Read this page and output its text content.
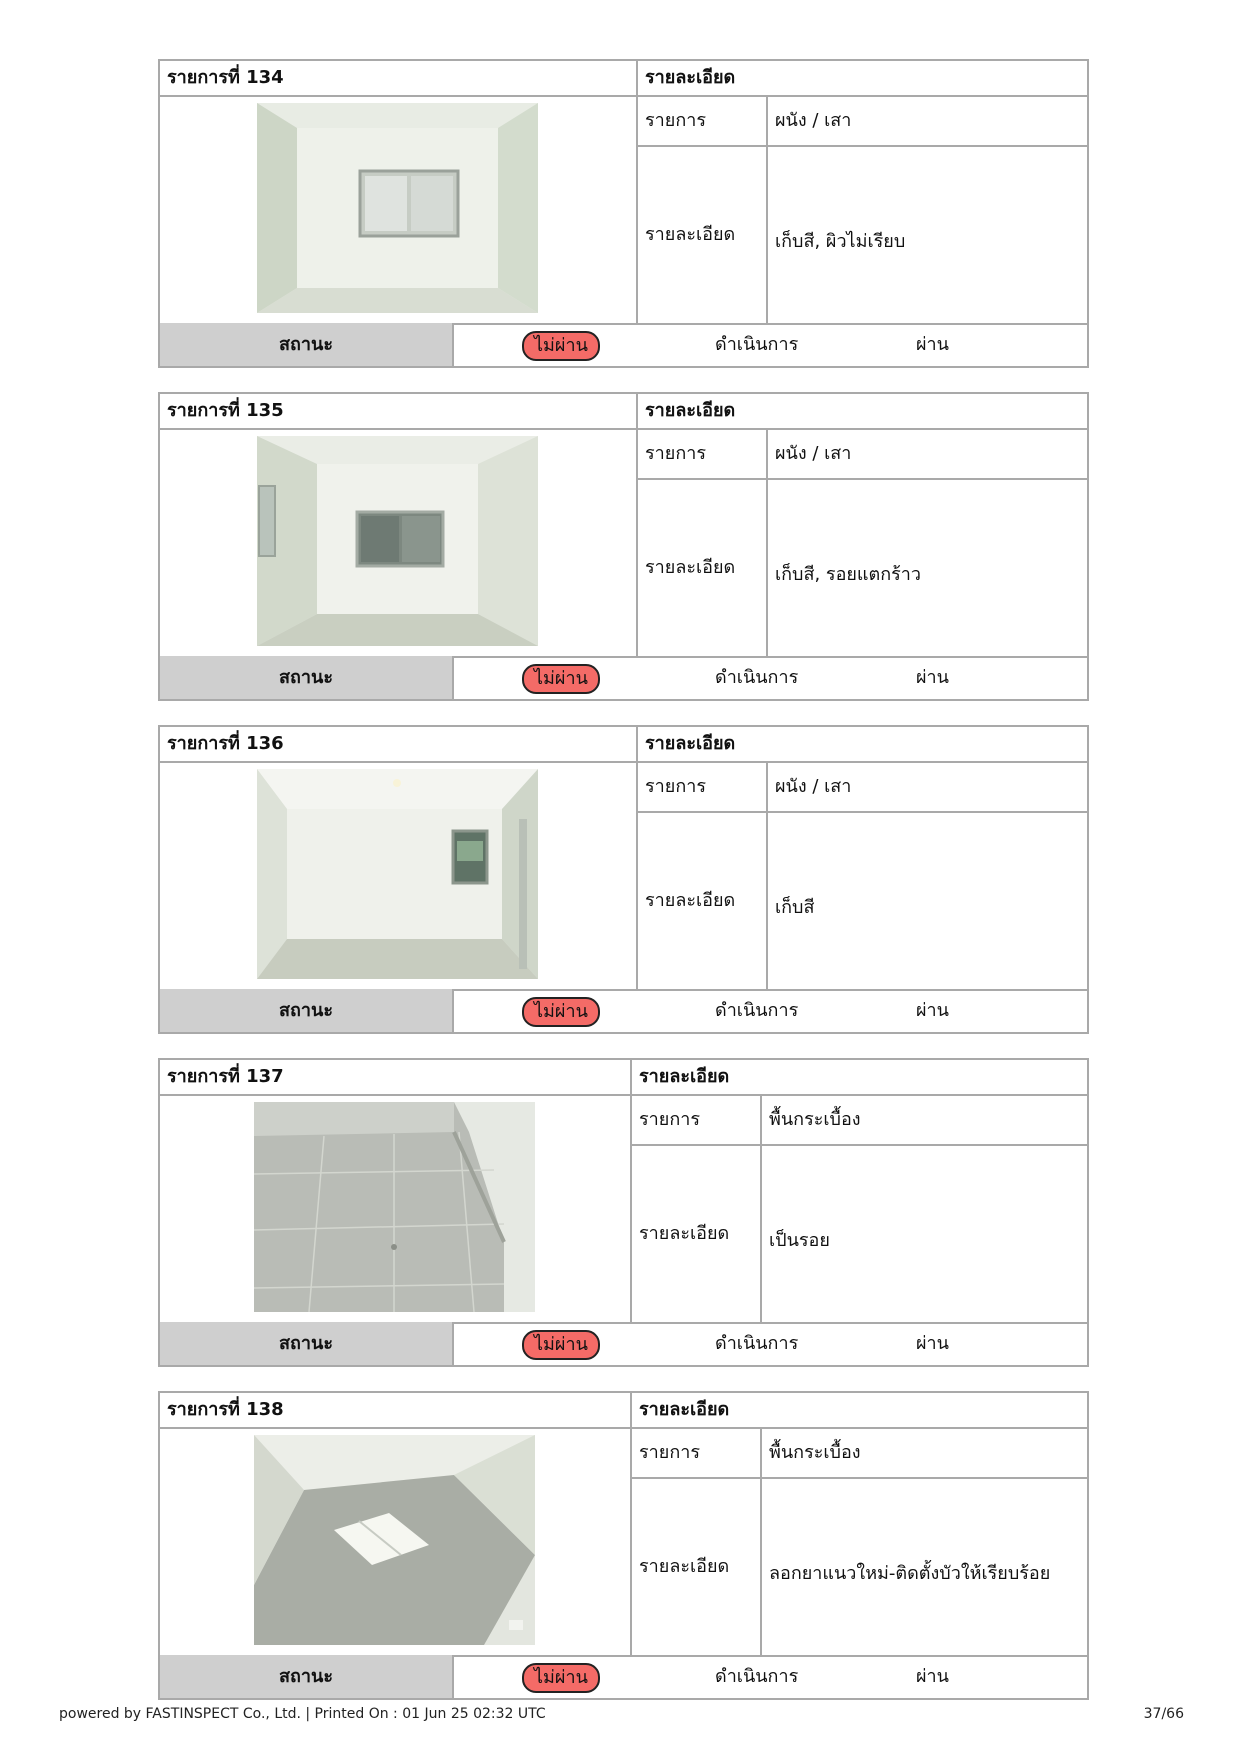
รายการที่ 134	รายละเอียด
รายการ	ผนัง / เสา
รายละเอียด	เก็บสี, ผิวไม่เรียบ
สถานะ	ไม่ผ่าน	ดำเนินการ	ผ่าน
รายการที่ 135	รายละเอียด
รายการ	ผนัง / เสา
รายละเอียด	เก็บสี, รอยแตกร้าว
สถานะ	ไม่ผ่าน	ดำเนินการ	ผ่าน
รายการที่ 136	รายละเอียด
รายการ	ผนัง / เสา
รายละเอียด	เก็บสี
สถานะ	ไม่ผ่าน	ดำเนินการ	ผ่าน
รายการที่ 137	รายละเอียด
รายการ	พื้นกระเบื้อง
รายละเอียด	เป็นรอย
สถานะ	ไม่ผ่าน	ดำเนินการ	ผ่าน
รายการที่ 138	รายละเอียด
รายการ	พื้นกระเบื้อง
รายละเอียด	ลอกยาแนวใหม่-ติดตั้งบัวให้เรียบร้อย
สถานะ	ไม่ผ่าน	ดำเนินการ	ผ่าน
powered by FASTINSPECT Co., Ltd. | Printed On : 01 Jun 25 02:32 UTC	37/66
